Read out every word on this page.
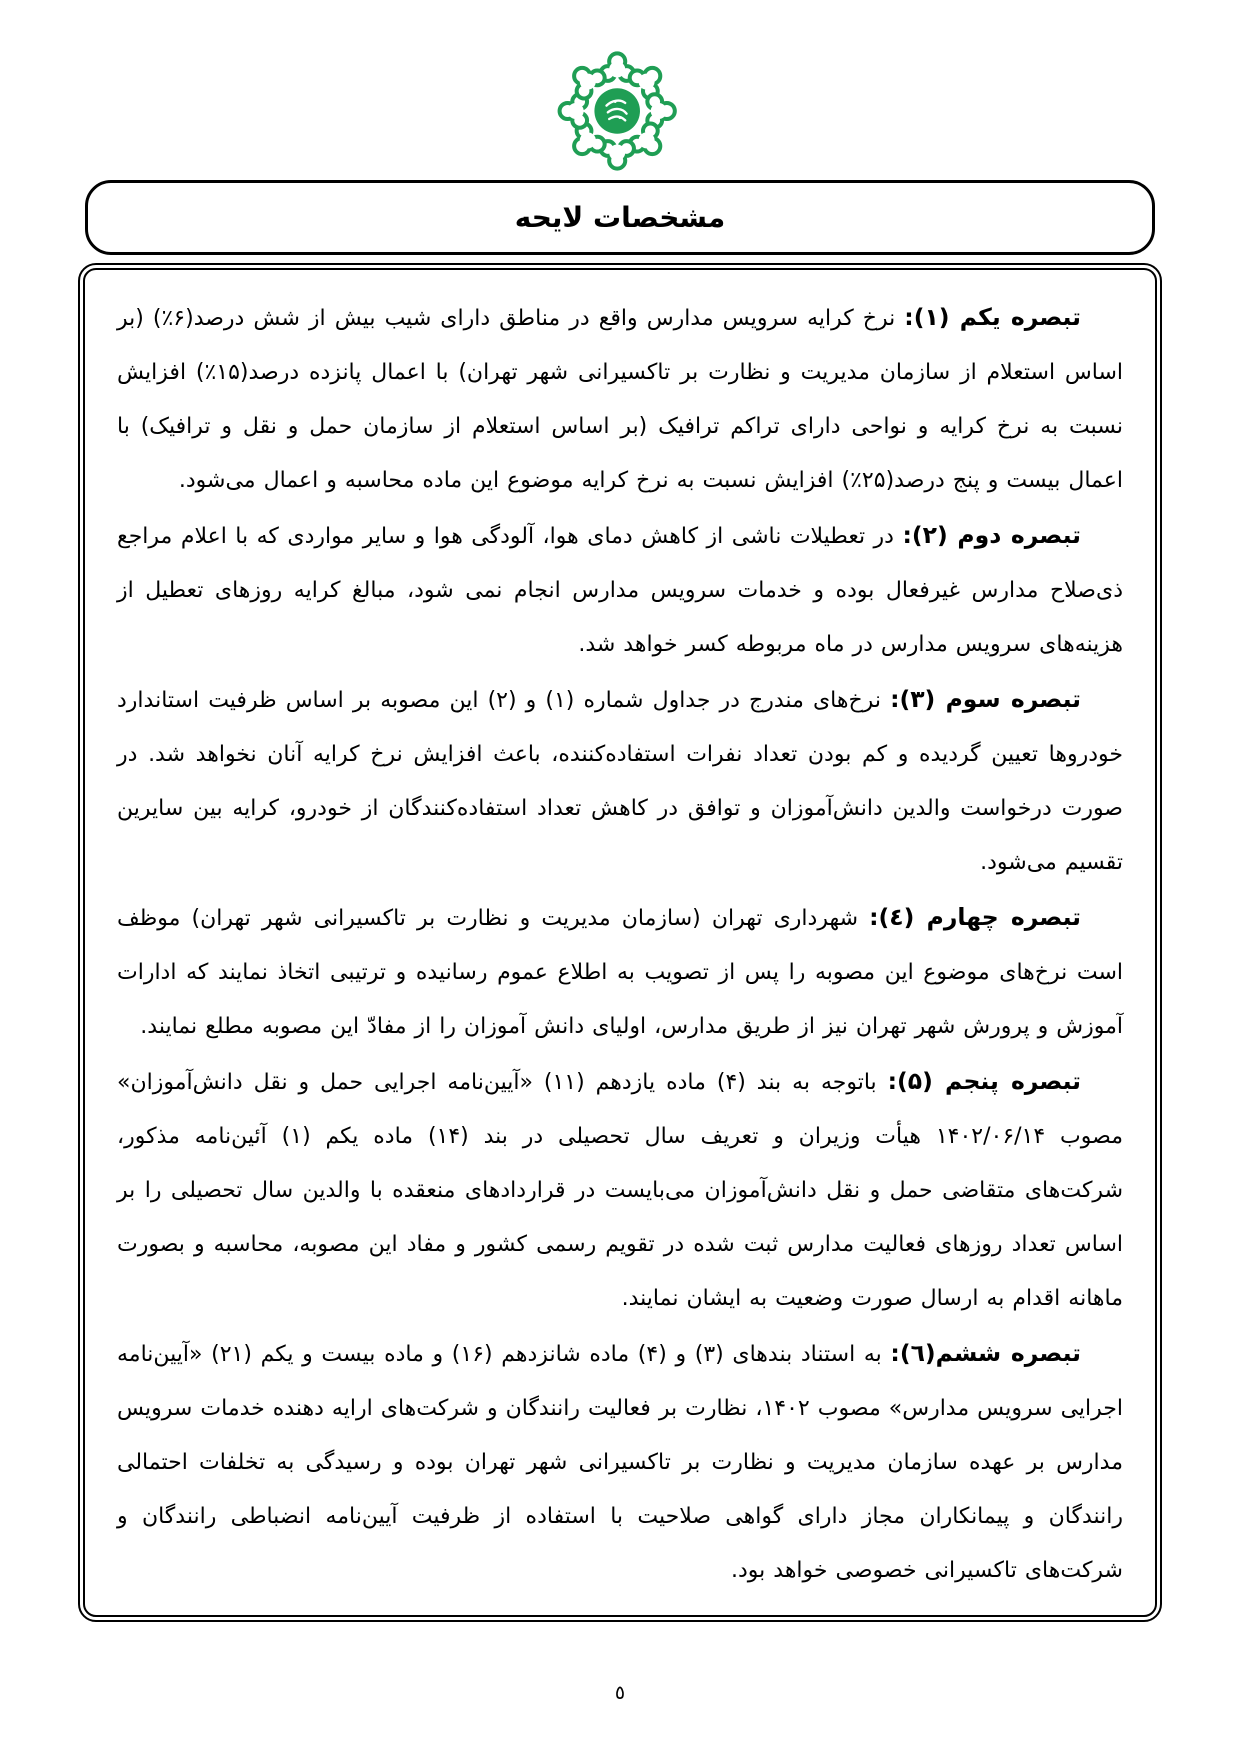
مشخصات لایحه

تبصره یکم (۱): نرخ کرایه سرویس مدارس واقع در مناطق دارای شیب بیش از شش درصد(۶٪) (بر اساس استعلام از سازمان مدیریت و نظارت بر تاکسیرانی شهر تهران) با اعمال پانزده درصد(۱۵٪) افزایش نسبت به نرخ کرایه و نواحی دارای تراکم ترافیک (بر اساس استعلام از سازمان حمل و نقل و ترافیک) با اعمال بیست و پنج درصد(۲۵٪) افزایش نسبت به نرخ کرایه موضوع این ماده محاسبه و اعمال می‌شود.

تبصره دوم (۲): در تعطیلات ناشی از کاهش دمای هوا، آلودگی هوا و سایر مواردی که با اعلام مراجع ذی‌صلاح مدارس غیرفعال بوده و خدمات سرویس مدارس انجام نمی شود، مبالغ کرایه روزهای تعطیل از هزینه‌های سرویس مدارس در ماه مربوطه کسر خواهد شد.

تبصره سوم (۳): نرخ‌های مندرج در جداول شماره (۱) و (۲) این مصوبه بر اساس ظرفیت استاندارد خودروها تعیین گردیده و کم بودن تعداد نفرات استفاده‌کننده، باعث افزایش نرخ کرایه آنان نخواهد شد. در صورت درخواست والدین دانش‌آموزان و توافق در کاهش تعداد استفاده‌کنندگان از خودرو، کرایه بین سایرین تقسیم می‌شود.

تبصره چهارم (٤): شهرداری تهران (سازمان مدیریت و نظارت بر تاکسیرانی شهر تهران) موظف است نرخ‌های موضوع این مصوبه را پس از تصویب به اطلاع عموم رسانیده و ترتیبی اتخاذ نمایند که ادارات آموزش و پرورش شهر تهران نیز از طریق مدارس، اولیای دانش آموزان را از مفادّ این مصوبه مطلع نمایند.

تبصره پنجم (۵): باتوجه به بند (۴) ماده یازدهم (۱۱) «آیین‌نامه اجرایی حمل و نقل دانش‌آموزان» مصوب ۱۴۰۲/۰۶/۱۴ هیأت وزیران و تعریف سال تحصیلی در بند (۱۴) ماده یکم (۱) آئین‌نامه مذکور، شرکت‌های متقاضی حمل و نقل دانش‌آموزان می‌بایست در قراردادهای منعقده با والدین سال تحصیلی را بر اساس تعداد روزهای فعالیت مدارس ثبت شده در تقویم رسمی کشور و مفاد این مصوبه، محاسبه و بصورت ماهانه اقدام به ارسال صورت وضعیت به ایشان نمایند.

تبصره ششم(٦): به استناد بندهای (۳) و (۴) ماده شانزدهم (۱۶) و ماده بیست و یکم (۲۱) «آیین‌نامه اجرایی سرویس مدارس» مصوب ۱۴۰۲، نظارت بر فعالیت رانندگان و شرکت‌های ارایه دهنده خدمات سرویس مدارس بر عهده سازمان مدیریت و نظارت بر تاکسیرانی شهر تهران بوده و رسیدگی به تخلفات احتمالی رانندگان و پیمانکاران مجاز دارای گواهی صلاحیت با استفاده از ظرفیت آیین‌نامه انضباطی رانندگان و شرکت‌های تاکسیرانی خصوصی خواهد بود.

٥
